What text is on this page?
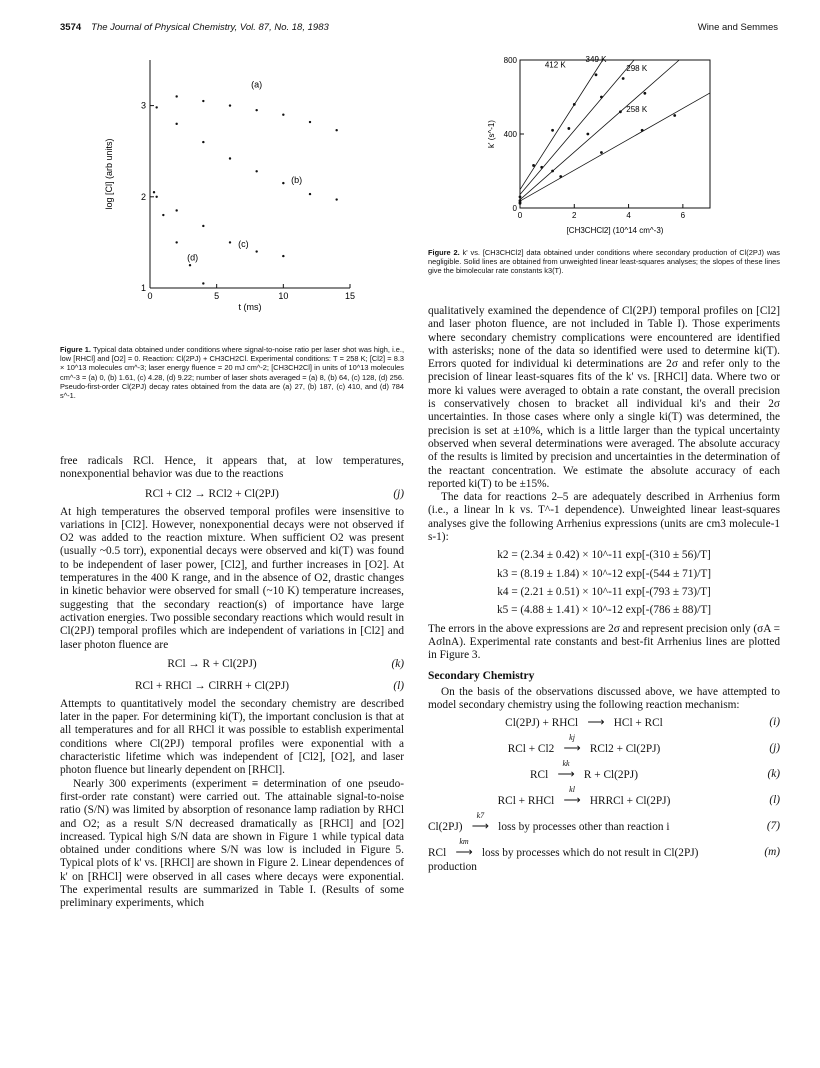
3574 The Journal of Physical Chemistry, Vol. 87, No. 18, 1983	Wine and Semmes
0	5	10	15
1
2
3
t (ms)
log [Cl] (arb units)
(a)
(b)
(c)
(d)
Figure 1. Typical data obtained under conditions where signal-to-noise ratio per laser shot was high, i.e., low [RHCl] and [O2] = 0. Reaction: Cl(2PJ) + CH3CH2Cl. Experimental conditions: T = 258 K; [Cl2] = 8.3 × 10^13 molecules cm^-3; laser energy fluence = 20 mJ cm^-2; [CH3CH2Cl] in units of 10^13 molecules cm^-3 = (a) 0, (b) 1.61, (c) 4.28, (d) 9.22; number of laser shots averaged = (a) 8, (b) 64, (c) 128, (d) 256. Pseudo-first-order Cl(2PJ) decay rates obtained from the data are (a) 27, (b) 187, (c) 410, and (d) 784 s^-1.
0	2	4	6
0
400
800
[CH3CHCl2] (10^14 cm^-3)
k' (s^-1)
412 K
349 K
298 K
258 K
Figure 2. k' vs. [CH3CHCl2] data obtained under conditions where secondary production of Cl(2PJ) was negligible. Solid lines are obtained from unweighted linear least-squares analyses; the slopes of these lines give the bimolecular rate constants k3(T).

free radicals RCl. Hence, it appears that, at low temperatures, nonexponential behavior was due to the reactions

RCl + Cl2 → RCl2 + Cl(2PJ)	(j)

At high temperatures the observed temporal profiles were insensitive to variations in [Cl2]. However, nonexponential decays were not observed if O2 was added to the reaction mixture. When sufficient O2 was present (usually ~0.5 torr), exponential decays were observed and ki(T) was found to be independent of laser power, [Cl2], and further increases in [O2]. At temperatures in the 400 K range, and in the absence of O2, drastic changes in kinetic behavior were observed for small (~10 K) temperature increases, suggesting that the secondary reaction(s) of importance have large activation energies. Two possible secondary reactions which would result in Cl(2PJ) temporal profiles which are independent of variations in [Cl2] and laser photon fluence are

RCl → R + Cl(2PJ)	(k)
RCl + RHCl → ClRRH + Cl(2PJ)	(l)

Attempts to quantitatively model the secondary chemistry are described later in the paper. For determining ki(T), the important conclusion is that at all temperatures and for all RHCl it was possible to establish experimental conditions where Cl(2PJ) temporal profiles were exponential with a characteristic lifetime which was independent of [Cl2], [O2], and laser photon fluence but linearly dependent on [RHCl].

Nearly 300 experiments (experiment ≡ determination of one pseudo-first-order rate constant) were carried out. The attainable signal-to-noise ratio (S/N) was limited by absorption of resonance lamp radiation by RHCl and O2; as a result S/N decreased dramatically as [RHCl] and [O2] increased. Typical high S/N data are shown in Figure 1 while typical data obtained under conditions where S/N was low is included in Figure 5. Typical plots of k' vs. [RHCl] are shown in Figure 2. Linear dependences of k' on [RHCl] were observed in all cases where decays were exponential. The experimental results are summarized in Table I. (Results of some preliminary experiments, which

qualitatively examined the dependence of Cl(2PJ) temporal profiles on [Cl2] and laser photon fluence, are not included in Table I). Those experiments where secondary chemistry complications were encountered are identified with asterisks; none of the data so identified were used to determine ki(T). Errors quoted for individual ki determinations are 2σ and refer only to the precision of linear least-squares fits of the k' vs. [RHCl] data. Where two or more ki values were averaged to obtain a rate constant, the overall precision is conservatively chosen to bracket all individual ki's and their 2σ uncertainties. In those cases where only a single ki(T) was determined, the precision is set at ±10%, which is a little larger than the typical uncertainty observed when several determinations were averaged. The absolute accuracy of the results is limited by precision and uncertainties in the determination of the reactant concentration. We estimate the absolute accuracy of each reported ki(T) to be ±15%.

The data for reactions 2–5 are adequately described in Arrhenius form (i.e., a linear ln k vs. T^-1 dependence). Unweighted linear least-squares analyses give the following Arrhenius expressions (units are cm3 molecule-1 s-1):

k2 = (2.34 ± 0.42) × 10^-11 exp[-(310 ± 56)/T]
k3 = (8.19 ± 1.84) × 10^-12 exp[-(544 ± 71)/T]
k4 = (2.21 ± 0.51) × 10^-11 exp[-(793 ± 73)/T]
k5 = (4.88 ± 1.41) × 10^-12 exp[-(786 ± 88)/T]

The errors in the above expressions are 2σ and represent precision only (σA = AσlnA). Experimental rate constants and best-fit Arrhenius lines are plotted in Figure 3.

Secondary Chemistry

On the basis of the observations discussed above, we have attempted to model secondary chemistry using the following reaction mechanism:

Cl(2PJ) + RHCl
⟶ HCl + RCl	(i)
RCl + Cl2
kj
⟶ RCl2 + Cl(2PJ)	(j)
RCl
kk
⟶ R + Cl(2PJ)	(k)
RCl + RHCl
kl
⟶ HRRCl + Cl(2PJ)	(l)
Cl(2PJ)
k7
⟶ loss by processes other than reaction i	(7)
RCl
km
⟶ loss by processes which do not result in Cl(2PJ) production
(m)
